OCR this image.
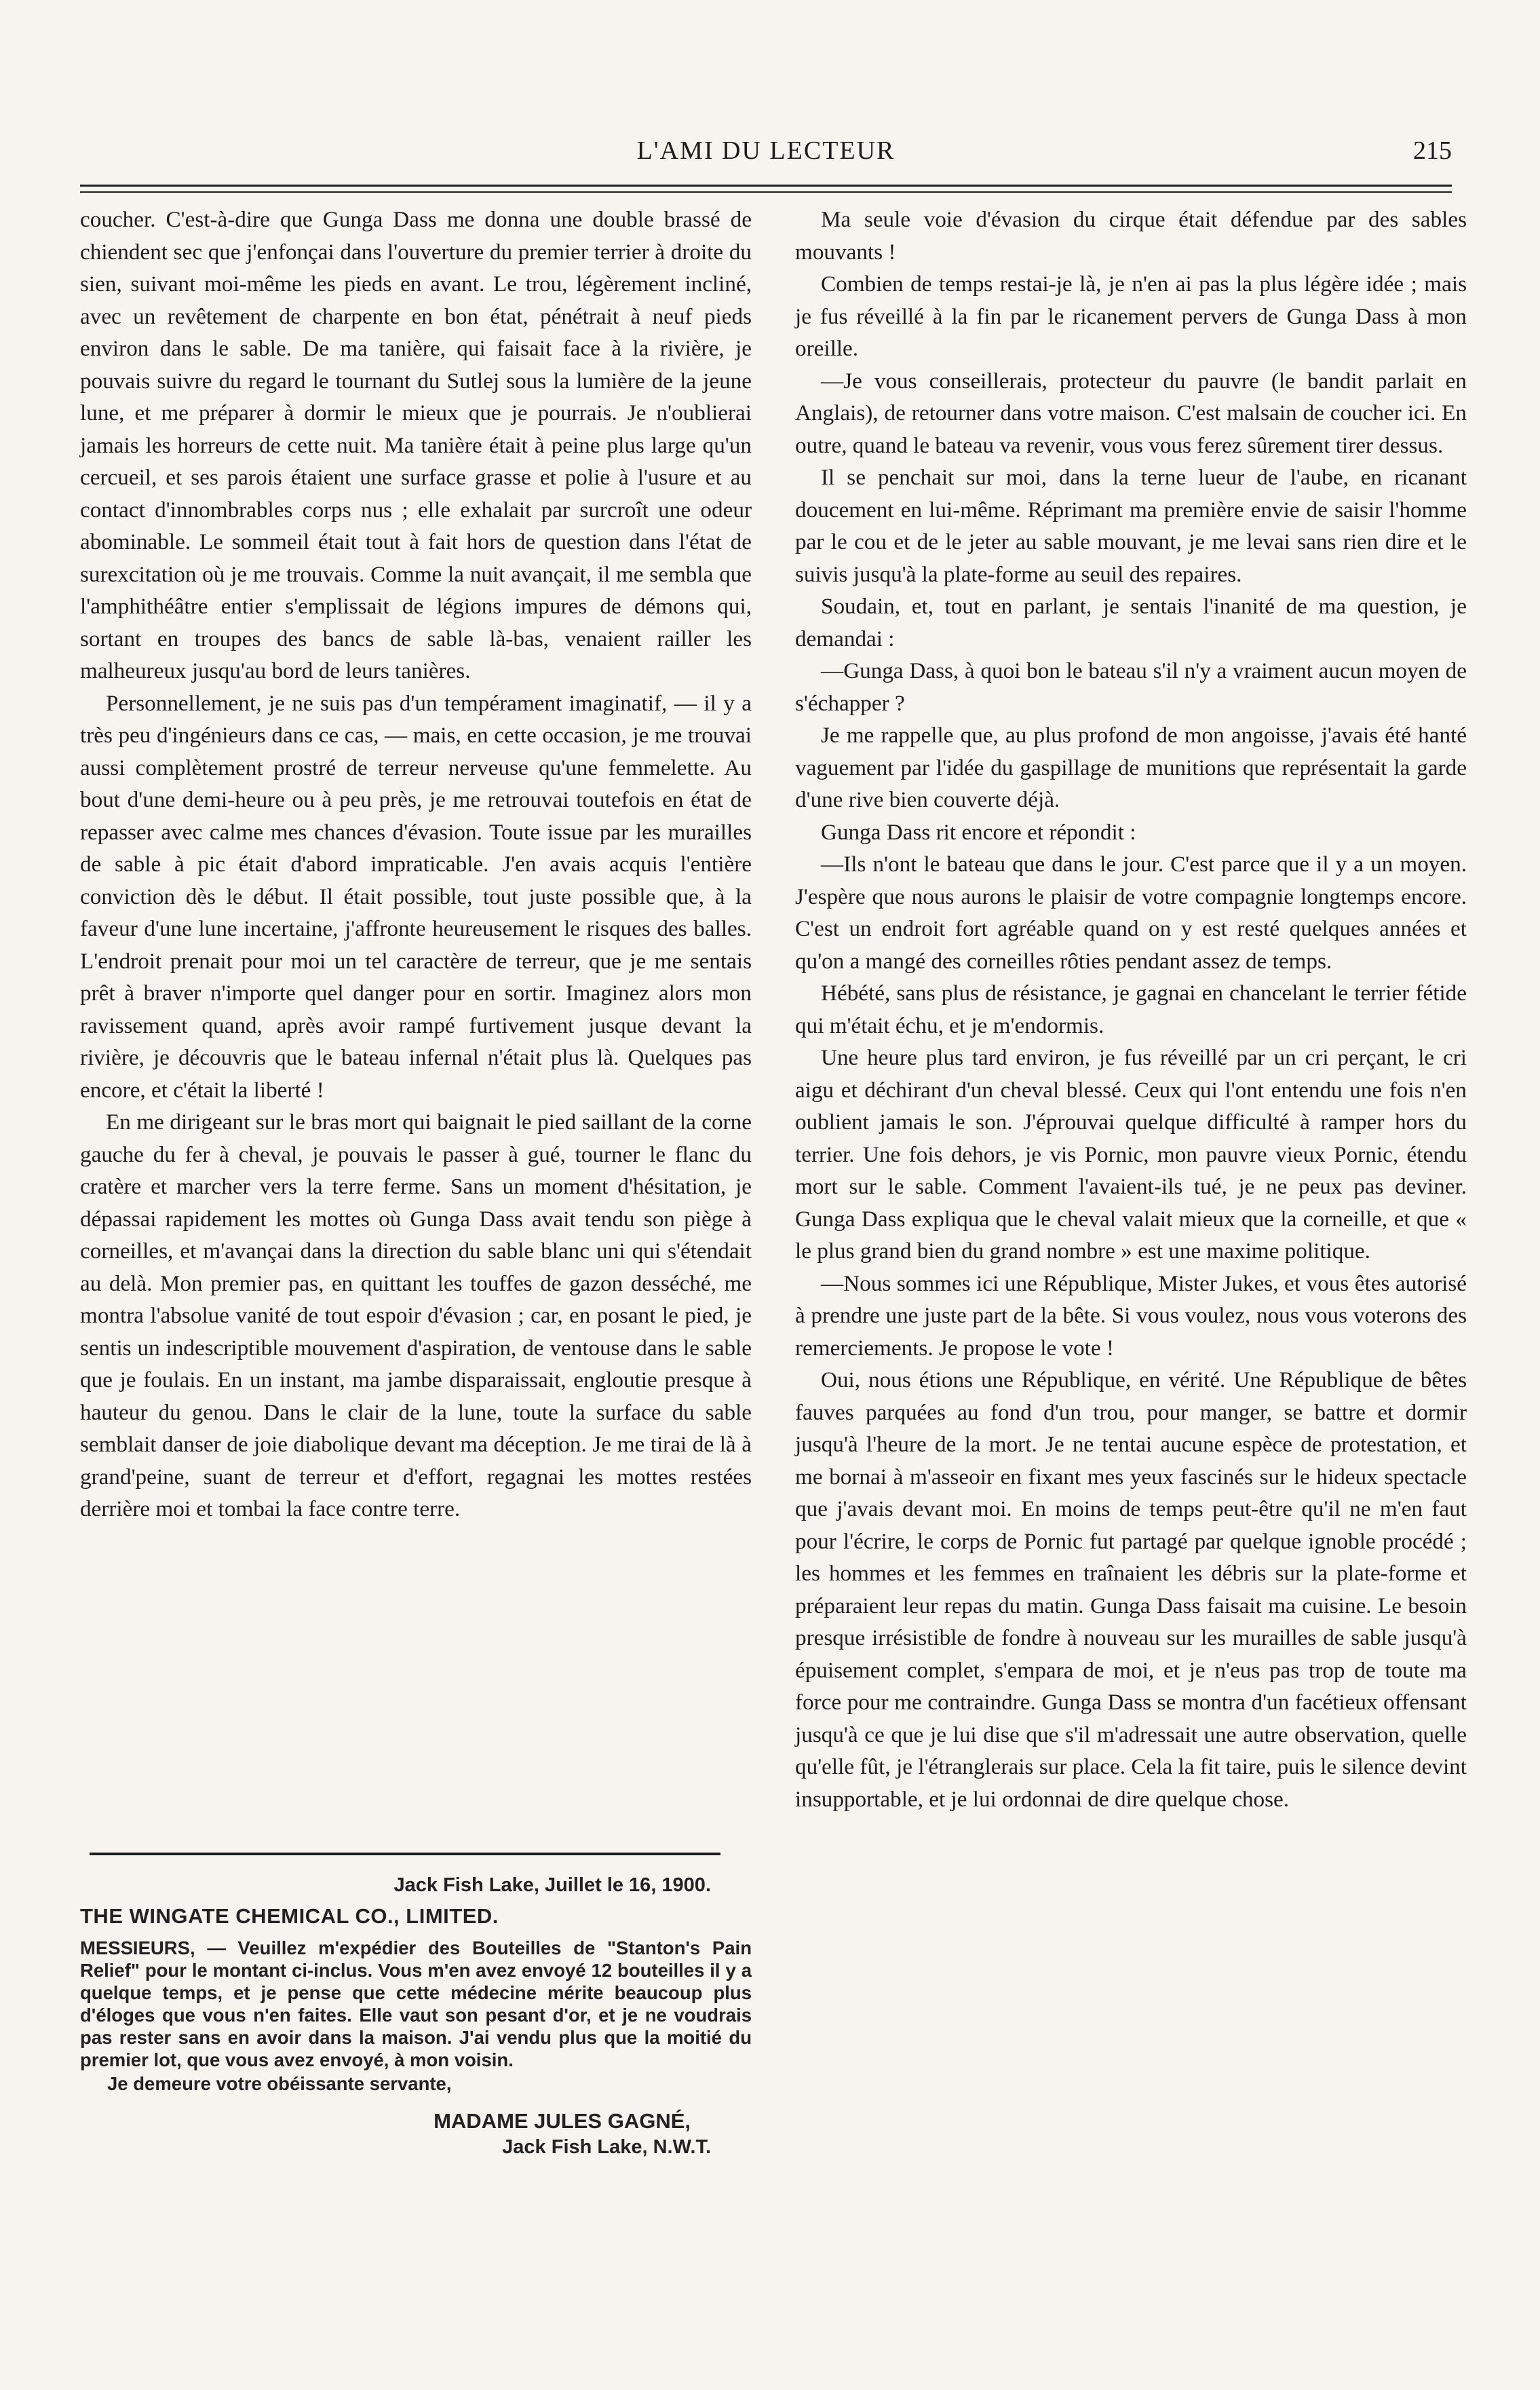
L'AMI DU LECTEUR	215

coucher. C'est-à-dire que Gunga Dass me donna une double brassé de chiendent sec que j'enfonçai dans l'ouverture du premier terrier à droite du sien, suivant moi-même les pieds en avant. Le trou, légèrement incliné, avec un revêtement de charpente en bon état, pénétrait à neuf pieds environ dans le sable. De ma tanière, qui faisait face à la rivière, je pouvais suivre du regard le tournant du Sutlej sous la lumière de la jeune lune, et me préparer à dormir le mieux que je pourrais. Je n'oublierai jamais les horreurs de cette nuit. Ma tanière était à peine plus large qu'un cercueil, et ses parois étaient une surface grasse et polie à l'usure et au contact d'innombrables corps nus ; elle exhalait par surcroît une odeur abominable. Le sommeil était tout à fait hors de question dans l'état de surexcitation où je me trouvais. Comme la nuit avançait, il me sembla que l'amphithéâtre entier s'emplissait de légions impures de démons qui, sortant en troupes des bancs de sable là-bas, venaient railler les malheureux jusqu'au bord de leurs tanières.

Personnellement, je ne suis pas d'un tempérament imaginatif, — il y a très peu d'ingénieurs dans ce cas, — mais, en cette occasion, je me trouvai aussi complètement prostré de terreur nerveuse qu'une femmelette. Au bout d'une demi-heure ou à peu près, je me retrouvai toutefois en état de repasser avec calme mes chances d'évasion. Toute issue par les murailles de sable à pic était d'abord impraticable. J'en avais acquis l'entière conviction dès le début. Il était possible, tout juste possible que, à la faveur d'une lune incertaine, j'affronte heureusement le risques des balles. L'endroit prenait pour moi un tel caractère de terreur, que je me sentais prêt à braver n'importe quel danger pour en sortir. Imaginez alors mon ravissement quand, après avoir rampé furtivement jusque devant la rivière, je découvris que le bateau infernal n'était plus là. Quelques pas encore, et c'était la liberté !

En me dirigeant sur le bras mort qui baignait le pied saillant de la corne gauche du fer à cheval, je pouvais le passer à gué, tourner le flanc du cratère et marcher vers la terre ferme. Sans un moment d'hésitation, je dépassai rapidement les mottes où Gunga Dass avait tendu son piège à corneilles, et m'avançai dans la direction du sable blanc uni qui s'étendait au delà. Mon premier pas, en quittant les touffes de gazon desséché, me montra l'absolue vanité de tout espoir d'évasion ; car, en posant le pied, je sentis un indescriptible mouvement d'aspiration, de ventouse dans le sable que je foulais. En un instant, ma jambe disparaissait, engloutie presque à hauteur du genou. Dans le clair de la lune, toute la surface du sable semblait danser de joie diabolique devant ma déception. Je me tirai de là à grand'peine, suant de terreur et d'effort, regagnai les mottes restées derrière moi et tombai la face contre terre.

Jack Fish Lake, Juillet le 16, 1900.
THE WINGATE CHEMICAL CO., LIMITED.
MESSIEURS, — Veuillez m'expédier des Bouteilles de "Stanton's Pain Relief" pour le montant ci-inclus. Vous m'en avez envoyé 12 bouteilles il y a quelque temps, et je pense que cette médecine mérite beaucoup plus d'éloges que vous n'en faites. Elle vaut son pesant d'or, et je ne voudrais pas rester sans en avoir dans la maison. J'ai vendu plus que la moitié du premier lot, que vous avez envoyé, à mon voisin.
Je demeure votre obéissante servante,
MADAME JULES GAGNÉ,
Jack Fish Lake, N.W.T.

Ma seule voie d'évasion du cirque était défendue par des sables mouvants !

Combien de temps restai-je là, je n'en ai pas la plus légère idée ; mais je fus réveillé à la fin par le ricanement pervers de Gunga Dass à mon oreille.

—Je vous conseillerais, protecteur du pauvre (le bandit parlait en Anglais), de retourner dans votre maison. C'est malsain de coucher ici. En outre, quand le bateau va revenir, vous vous ferez sûrement tirer dessus.

Il se penchait sur moi, dans la terne lueur de l'aube, en ricanant doucement en lui-même. Réprimant ma première envie de saisir l'homme par le cou et de le jeter au sable mouvant, je me levai sans rien dire et le suivis jusqu'à la plate-forme au seuil des repaires.

Soudain, et, tout en parlant, je sentais l'inanité de ma question, je demandai :

—Gunga Dass, à quoi bon le bateau s'il n'y a vraiment aucun moyen de s'échapper ?

Je me rappelle que, au plus profond de mon angoisse, j'avais été hanté vaguement par l'idée du gaspillage de munitions que représentait la garde d'une rive bien couverte déjà.

Gunga Dass rit encore et répondit :

—Ils n'ont le bateau que dans le jour. C'est parce que il y a un moyen. J'espère que nous aurons le plaisir de votre compagnie longtemps encore. C'est un endroit fort agréable quand on y est resté quelques années et qu'on a mangé des corneilles rôties pendant assez de temps.

Hébété, sans plus de résistance, je gagnai en chancelant le terrier fétide qui m'était échu, et je m'endormis.

Une heure plus tard environ, je fus réveillé par un cri perçant, le cri aigu et déchirant d'un cheval blessé. Ceux qui l'ont entendu une fois n'en oublient jamais le son. J'éprouvai quelque difficulté à ramper hors du terrier. Une fois dehors, je vis Pornic, mon pauvre vieux Pornic, étendu mort sur le sable. Comment l'avaient-ils tué, je ne peux pas deviner. Gunga Dass expliqua que le cheval valait mieux que la corneille, et que « le plus grand bien du grand nombre » est une maxime politique.

—Nous sommes ici une République, Mister Jukes, et vous êtes autorisé à prendre une juste part de la bête. Si vous voulez, nous vous voterons des remerciements. Je propose le vote !

Oui, nous étions une République, en vérité. Une République de bêtes fauves parquées au fond d'un trou, pour manger, se battre et dormir jusqu'à l'heure de la mort. Je ne tentai aucune espèce de protestation, et me bornai à m'asseoir en fixant mes yeux fascinés sur le hideux spectacle que j'avais devant moi. En moins de temps peut-être qu'il ne m'en faut pour l'écrire, le corps de Pornic fut partagé par quelque ignoble procédé ; les hommes et les femmes en traînaient les débris sur la plate-forme et préparaient leur repas du matin. Gunga Dass faisait ma cuisine. Le besoin presque irrésistible de fondre à nouveau sur les murailles de sable jusqu'à épuisement complet, s'empara de moi, et je n'eus pas trop de toute ma force pour me contraindre. Gunga Dass se montra d'un facétieux offensant jusqu'à ce que je lui dise que s'il m'adressait une autre observation, quelle qu'elle fût, je l'étranglerais sur place. Cela la fit taire, puis le silence devint insupportable, et je lui ordonnai de dire quelque chose.
